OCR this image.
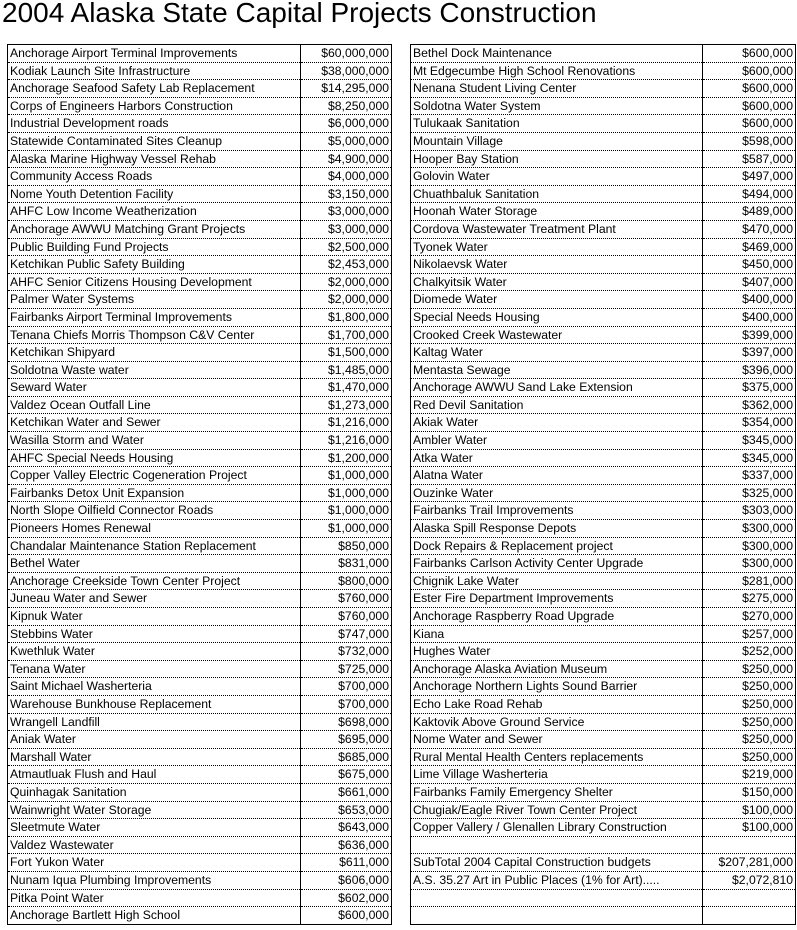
2004 Alaska State Capital Projects Construction
Anchorage Airport Terminal Improvements	$60,000,000
Kodiak Launch Site Infrastructure	$38,000,000
Anchorage Seafood Safety Lab Replacement	$14,295,000
Corps of Engineers Harbors Construction	$8,250,000
Industrial Development roads	$6,000,000
Statewide Contaminated Sites Cleanup	$5,000,000
Alaska Marine Highway Vessel Rehab	$4,900,000
Community Access Roads	$4,000,000
Nome Youth Detention Facility	$3,150,000
AHFC Low Income Weatherization	$3,000,000
Anchorage AWWU Matching Grant Projects	$3,000,000
Public Building Fund Projects	$2,500,000
Ketchikan Public Safety Building	$2,453,000
AHFC Senior Citizens Housing Development	$2,000,000
Palmer Water Systems	$2,000,000
Fairbanks Airport Terminal Improvements	$1,800,000
Tenana Chiefs Morris Thompson C&V Center	$1,700,000
Ketchikan Shipyard	$1,500,000
Soldotna Waste water	$1,485,000
Seward Water	$1,470,000
Valdez Ocean Outfall Line	$1,273,000
Ketchikan Water and Sewer	$1,216,000
Wasilla Storm and Water	$1,216,000
AHFC Special Needs Housing	$1,200,000
Copper Valley Electric Cogeneration Project	$1,000,000
Fairbanks Detox Unit Expansion	$1,000,000
North Slope Oilfield Connector Roads	$1,000,000
Pioneers Homes Renewal	$1,000,000
Chandalar Maintenance Station Replacement	$850,000
Bethel Water	$831,000
Anchorage Creekside Town Center Project	$800,000
Juneau Water and Sewer	$760,000
Kipnuk Water	$760,000
Stebbins Water	$747,000
Kwethluk Water	$732,000
Tenana Water	$725,000
Saint Michael Washerteria	$700,000
Warehouse Bunkhouse Replacement	$700,000
Wrangell Landfill	$698,000
Aniak Water	$695,000
Marshall Water	$685,000
Atmautluak Flush and Haul	$675,000
Quinhagak Sanitation	$661,000
Wainwright Water Storage	$653,000
Sleetmute Water	$643,000
Valdez Wastewater	$636,000
Fort Yukon Water	$611,000
Nunam Iqua Plumbing Improvements	$606,000
Pitka Point Water	$602,000
Anchorage Bartlett High School	$600,000
Bethel Dock Maintenance	$600,000
Mt Edgecumbe High School Renovations	$600,000
Nenana Student Living Center	$600,000
Soldotna Water System	$600,000
Tulukaak Sanitation	$600,000
Mountain Village	$598,000
Hooper Bay Station	$587,000
Golovin Water	$497,000
Chuathbaluk Sanitation	$494,000
Hoonah Water Storage	$489,000
Cordova Wastewater Treatment Plant	$470,000
Tyonek Water	$469,000
Nikolaevsk Water	$450,000
Chalkyitsik Water	$407,000
Diomede Water	$400,000
Special Needs Housing	$400,000
Crooked Creek Wastewater	$399,000
Kaltag Water	$397,000
Mentasta Sewage	$396,000
Anchorage AWWU Sand Lake Extension	$375,000
Red Devil Sanitation	$362,000
Akiak Water	$354,000
Ambler Water	$345,000
Atka Water	$345,000
Alatna Water	$337,000
Ouzinke Water	$325,000
Fairbanks Trail Improvements	$303,000
Alaska Spill Response Depots	$300,000
Dock Repairs & Replacement project	$300,000
Fairbanks Carlson Activity Center Upgrade	$300,000
Chignik Lake Water	$281,000
Ester Fire Department Improvements	$275,000
Anchorage Raspberry Road Upgrade	$270,000
Kiana	$257,000
Hughes Water	$252,000
Anchorage Alaska Aviation Museum	$250,000
Anchorage Northern Lights Sound Barrier	$250,000
Echo Lake Road Rehab	$250,000
Kaktovik Above Ground Service	$250,000
Nome Water and Sewer	$250,000
Rural Mental Health Centers replacements	$250,000
Lime Village Washerteria	$219,000
Fairbanks Family Emergency Shelter	$150,000
Chugiak/Eagle River Town Center Project	$100,000
Copper Vallery / Glenallen Library Construction	$100,000

SubTotal 2004 Capital Construction budgets	$207,281,000
A.S. 35.27 Art in Public Places (1% for Art).....	$2,072,810
